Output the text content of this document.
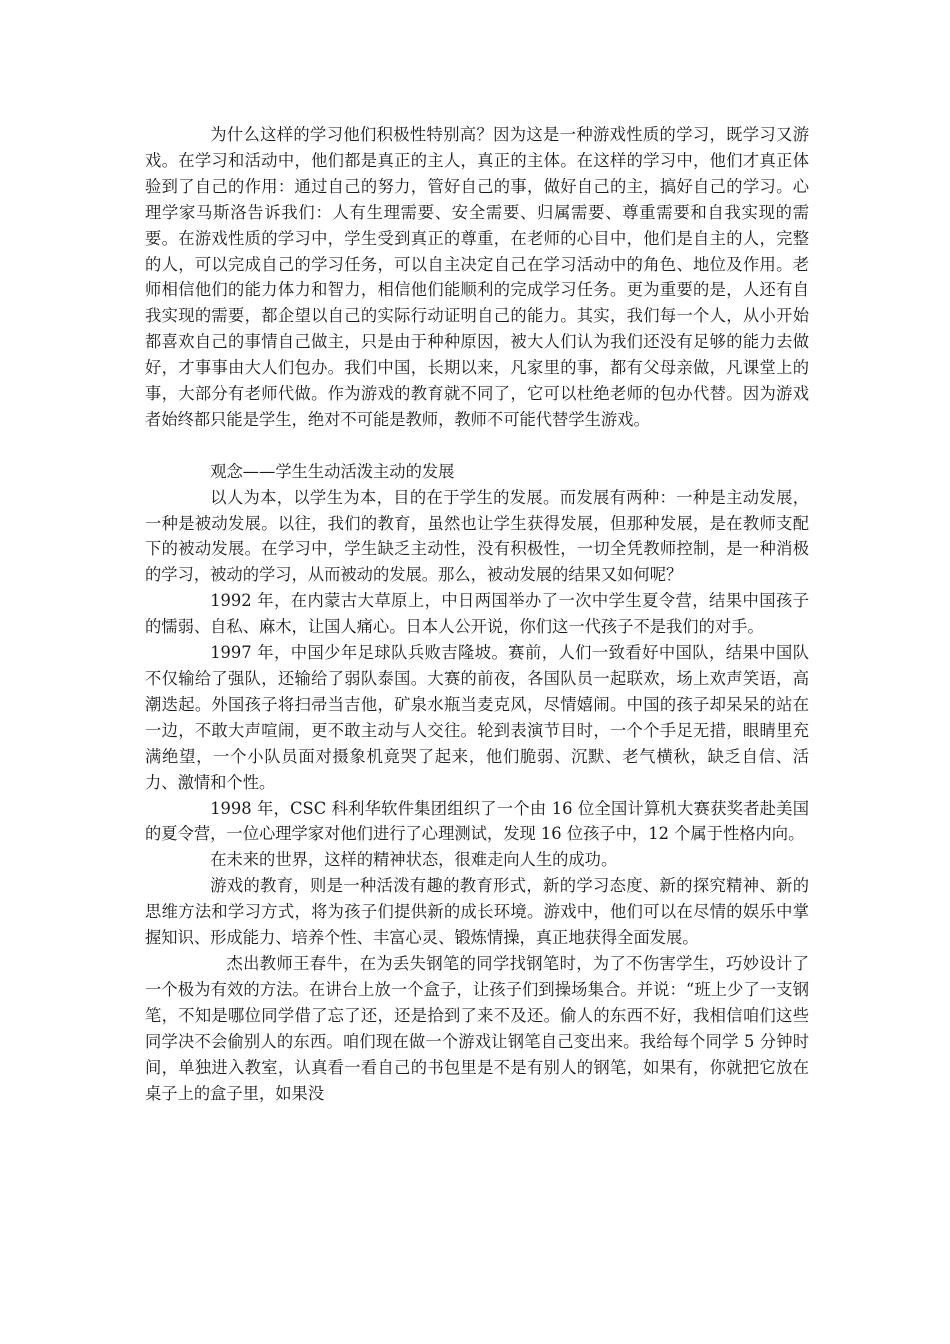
为什么这样的学习他们积极性特别高？因为这是一种游戏性质的学习，既学习又游戏。在学习和活动中，他们都是真正的主人，真正的主体。在这样的学习中，他们才真正体验到了自己的作用：通过自己的努力，管好自己的事，做好自己的主，搞好自己的学习。心理学家马斯洛告诉我们：人有生理需要、安全需要、归属需要、尊重需要和自我实现的需要。在游戏性质的学习中，学生受到真正的尊重，在老师的心目中，他们是自主的人，完整的人，可以完成自己的学习任务，可以自主决定自己在学习活动中的角色、地位及作用。老师相信他们的能力体力和智力，相信他们能顺利的完成学习任务。更为重要的是，人还有自我实现的需要，都企望以自己的实际行动证明自己的能力。其实，我们每一个人，从小开始都喜欢自己的事情自己做主，只是由于种种原因，被大人们认为我们还没有足够的能力去做好，才事事由大人们包办。我们中国，长期以来，凡家里的事，都有父母亲做，凡课堂上的事，大部分有老师代做。作为游戏的教育就不同了，它可以杜绝老师的包办代替。因为游戏者始终都只能是学生，绝对不可能是教师，教师不可能代替学生游戏。

观念——学生生动活泼主动的发展

以人为本，以学生为本，目的在于学生的发展。而发展有两种：一种是主动发展，一种是被动发展。以往，我们的教育，虽然也让学生获得发展，但那种发展，是在教师支配下的被动发展。在学习中，学生缺乏主动性，没有积极性，一切全凭教师控制，是一种消极的学习，被动的学习，从而被动的发展。那么，被动发展的结果又如何呢？

1992 年，在内蒙古大草原上，中日两国举办了一次中学生夏令营，结果中国孩子的懦弱、自私、麻木，让国人痛心。日本人公开说，你们这一代孩子不是我们的对手。

1997 年，中国少年足球队兵败吉隆坡。赛前，人们一致看好中国队，结果中国队不仅输给了强队，还输给了弱队泰国。大赛的前夜，各国队员一起联欢，场上欢声笑语，高潮迭起。外国孩子将扫帚当吉他，矿泉水瓶当麦克风，尽情嬉闹。中国的孩子却呆呆的站在一边，不敢大声喧闹，更不敢主动与人交往。轮到表演节目时，一个个手足无措，眼睛里充满绝望，一个小队员面对摄象机竟哭了起来，他们脆弱、沉默、老气横秋，缺乏自信、活力、激情和个性。

1998 年，CSC 科利华软件集团组织了一个由 16 位全国计算机大赛获奖者赴美国的夏令营，一位心理学家对他们进行了心理测试，发现 16 位孩子中，12 个属于性格内向。

在未来的世界，这样的精神状态，很难走向人生的成功。

游戏的教育，则是一种活泼有趣的教育形式，新的学习态度、新的探究精神、新的思维方法和学习方式，将为孩子们提供新的成长环境。游戏中，他们可以在尽情的娱乐中掌握知识、形成能力、培养个性、丰富心灵、锻炼情操，真正地获得全面发展。

杰出教师王春牛，在为丢失钢笔的同学找钢笔时，为了不伤害学生，巧妙设计了一个极为有效的方法。在讲台上放一个盒子，让孩子们到操场集合。并说：“班上少了一支钢笔，不知是哪位同学借了忘了还，还是拾到了来不及还。偷人的东西不好，我相信咱们这些同学决不会偷别人的东西。咱们现在做一个游戏让钢笔自己变出来。我给每个同学 5 分钟时间，单独进入教室，认真看一看自己的书包里是不是有别人的钢笔，如果有，你就把它放在桌子上的盒子里，如果没
